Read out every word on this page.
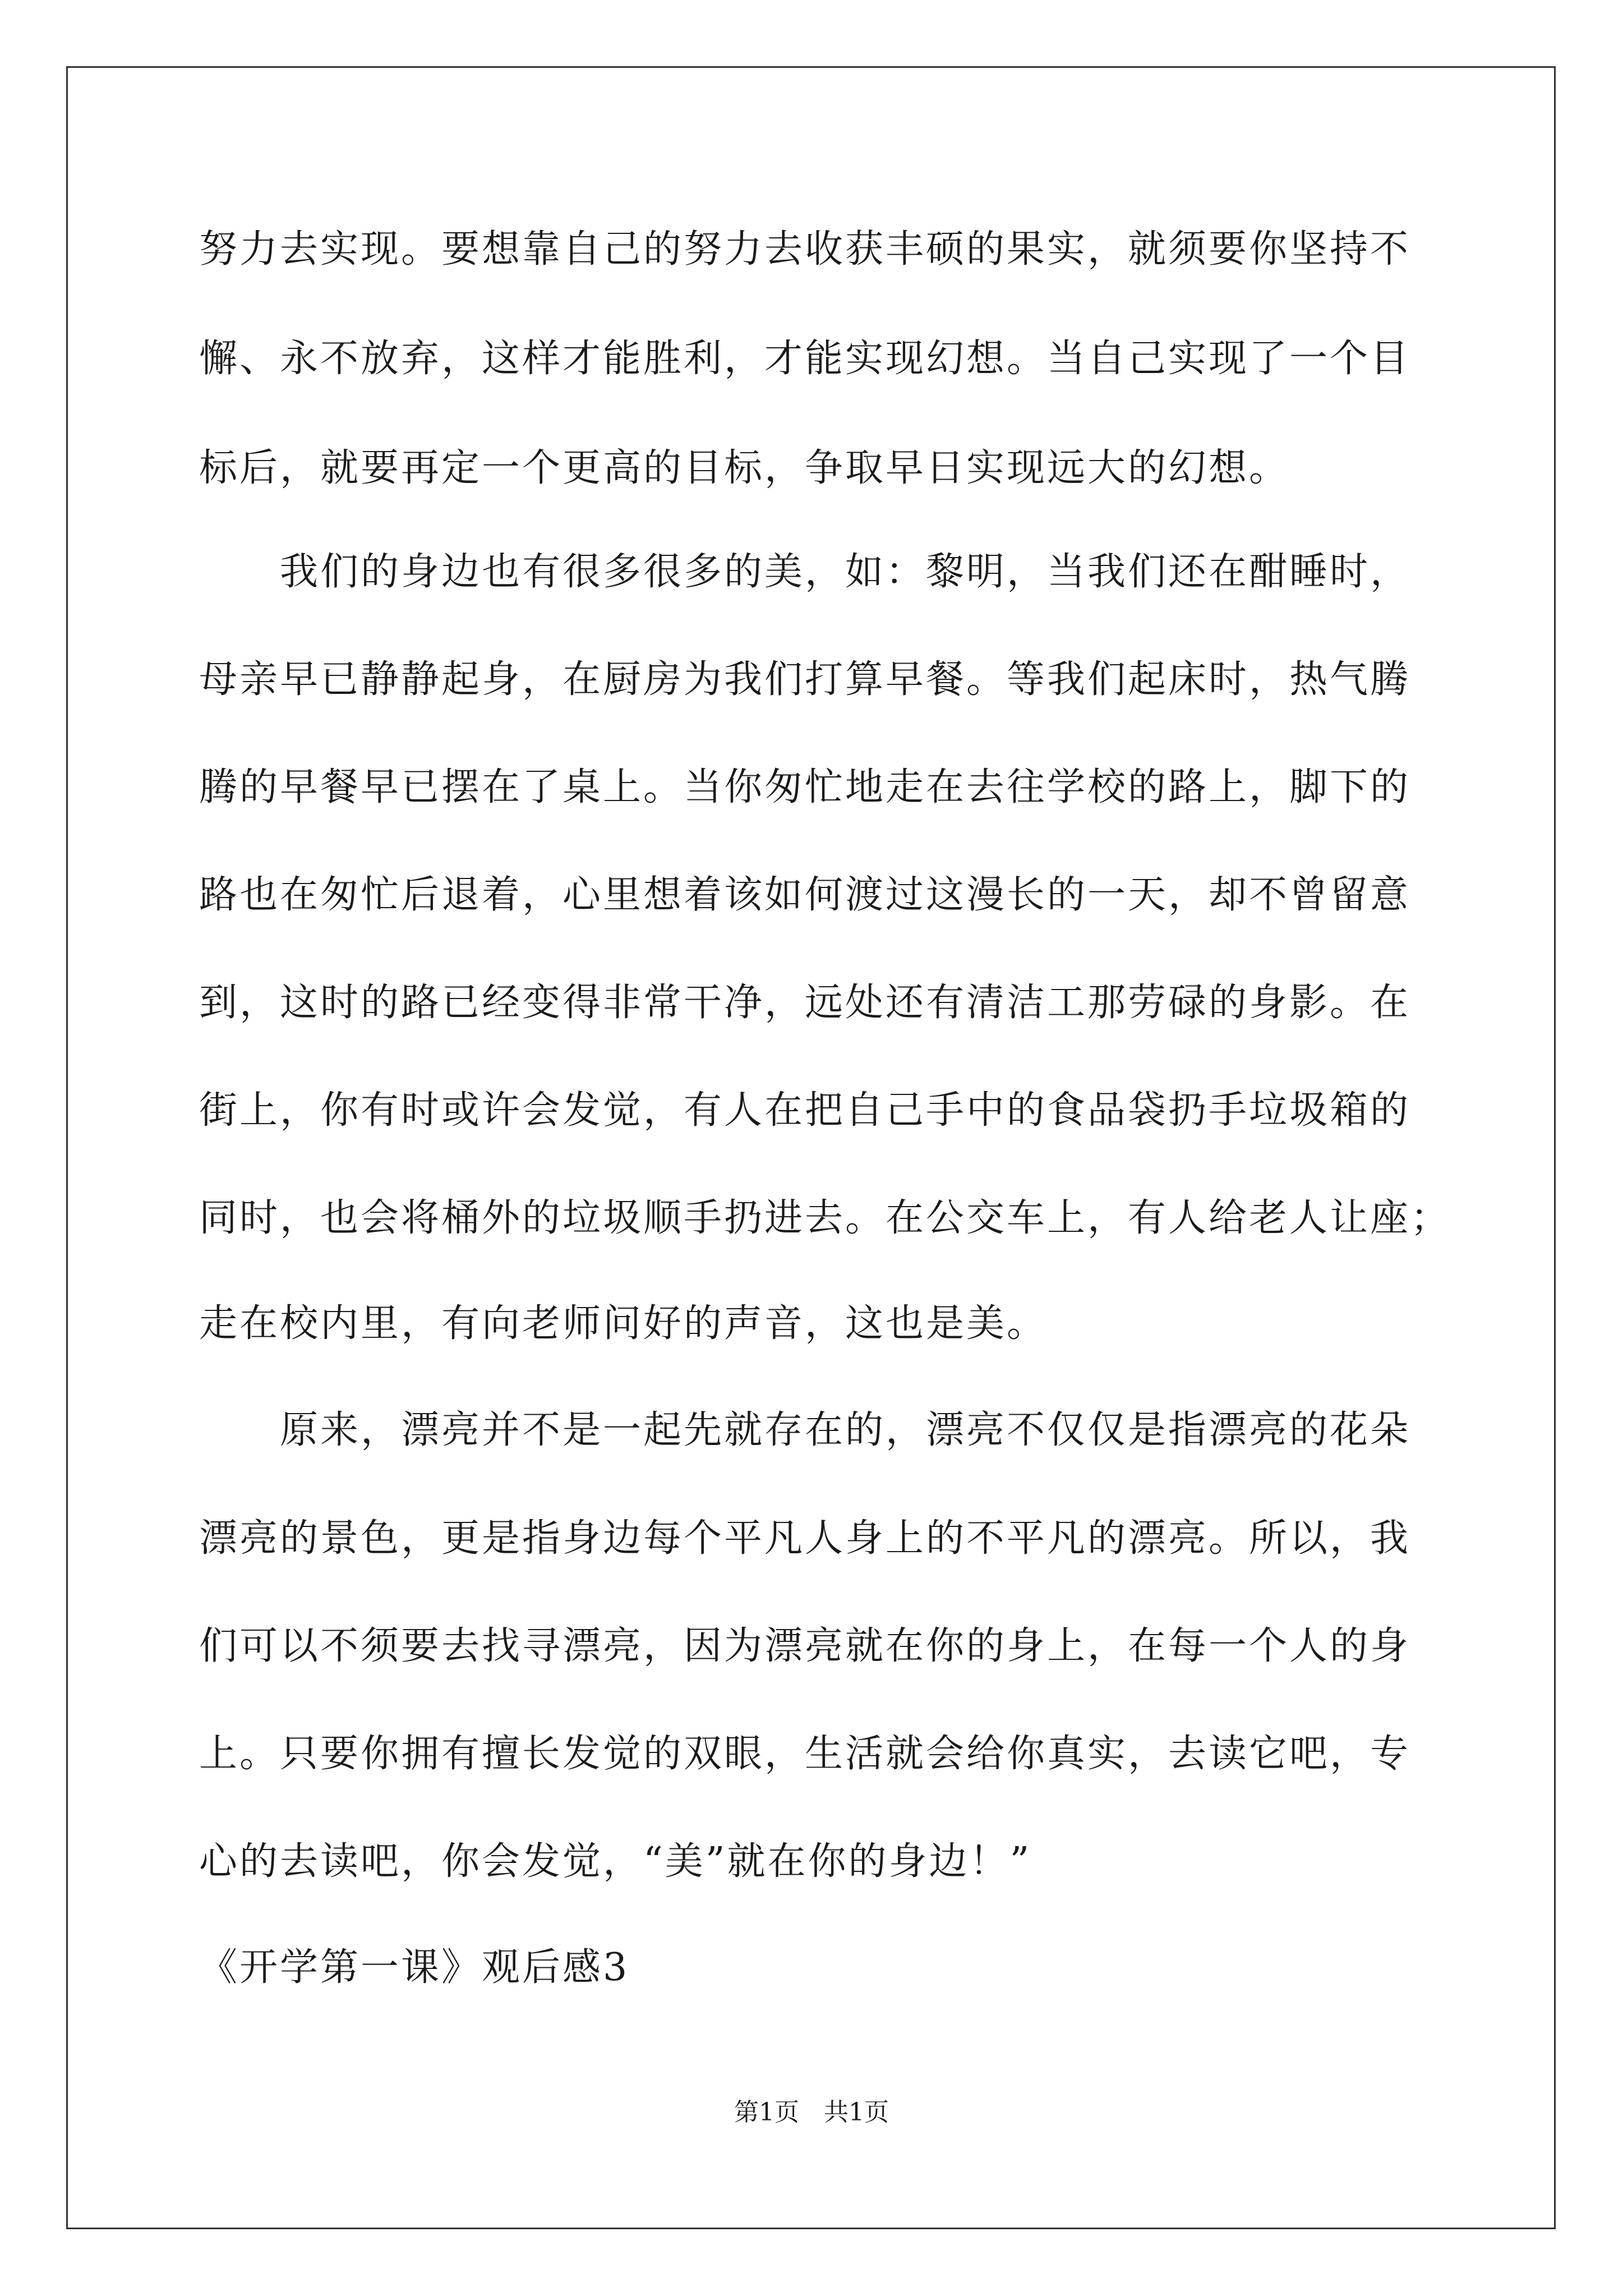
努力去实现。要想靠自己的努力去收获丰硕的果实，就须要你坚持不
懈、永不放弃，这样才能胜利，才能实现幻想。当自己实现了一个目
标后，就要再定一个更高的目标，争取早日实现远大的幻想。
　　我们的身边也有很多很多的美，如：黎明，当我们还在酣睡时，
母亲早已静静起身，在厨房为我们打算早餐。等我们起床时，热气腾
腾的早餐早已摆在了桌上。当你匆忙地走在去往学校的路上，脚下的
路也在匆忙后退着，心里想着该如何渡过这漫长的一天，却不曾留意
到，这时的路已经变得非常干净，远处还有清洁工那劳碌的身影。在
街上，你有时或许会发觉，有人在把自己手中的食品袋扔手垃圾箱的
同时，也会将桶外的垃圾顺手扔进去。在公交车上，有人给老人让座；
走在校内里，有向老师问好的声音，这也是美。
　　原来，漂亮并不是一起先就存在的，漂亮不仅仅是指漂亮的花朵
漂亮的景色，更是指身边每个平凡人身上的不平凡的漂亮。所以，我
们可以不须要去找寻漂亮，因为漂亮就在你的身上，在每一个人的身
上。只要你拥有擅长发觉的双眼，生活就会给你真实，去读它吧，专
心的去读吧，你会发觉，“美”就在你的身边！”
《开学第一课》观后感3
第1页　共1页
